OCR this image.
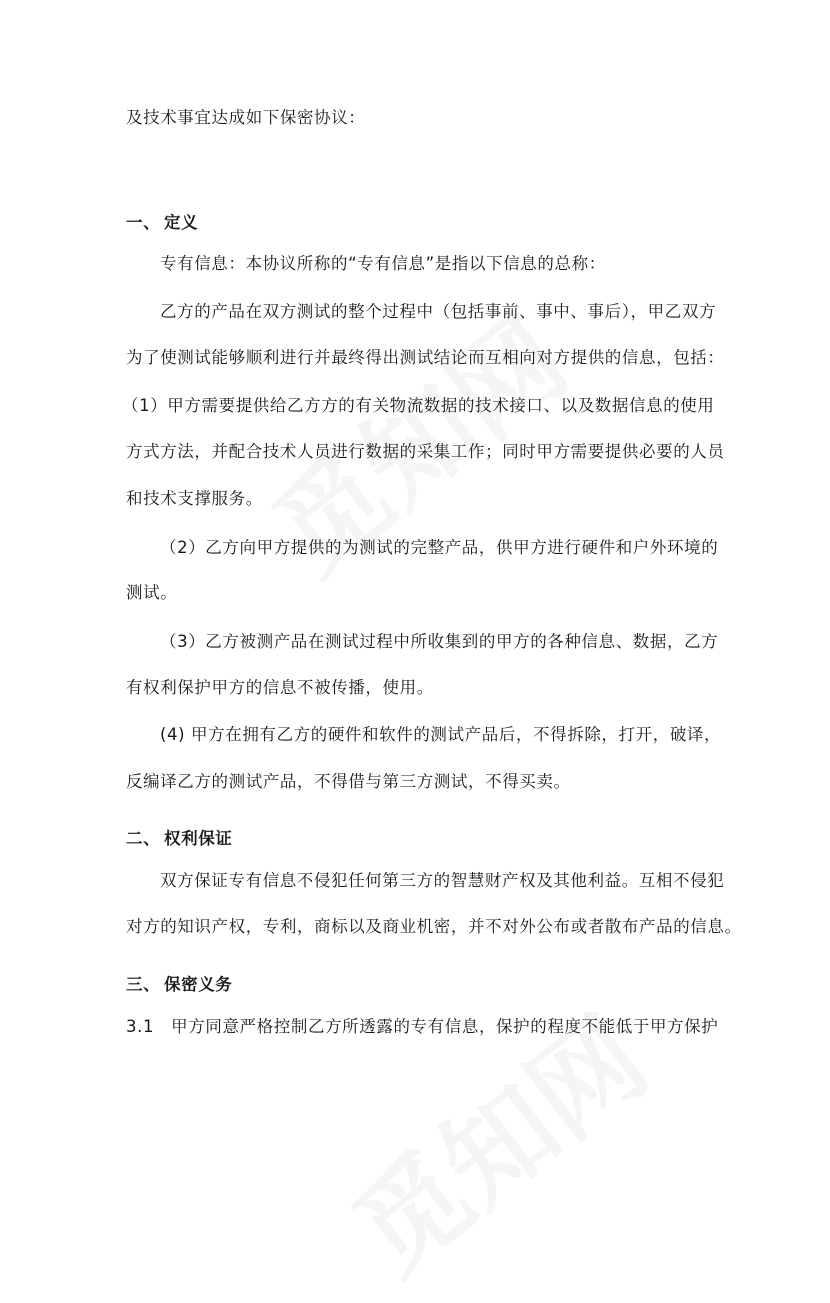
及技术事宜达成如下保密协议：
一、 定义
专有信息：本协议所称的“专有信息”是指以下信息的总称：
乙方的产品在双方测试的整个过程中（包括事前、事中、事后），甲乙双方
为了使测试能够顺利进行并最终得出测试结论而互相向对方提供的信息，包括：
（1）甲方需要提供给乙方方的有关物流数据的技术接口、以及数据信息的使用
方式方法，并配合技术人员进行数据的采集工作；同时甲方需要提供必要的人员
和技术支撑服务。
（2）乙方向甲方提供的为测试的完整产品，供甲方进行硬件和户外环境的
测试。
（3）乙方被测产品在测试过程中所收集到的甲方的各种信息、数据，乙方
有权利保护甲方的信息不被传播，使用。
(4) 甲方在拥有乙方的硬件和软件的测试产品后，不得拆除，打开，破译，
反编译乙方的测试产品，不得借与第三方测试，不得买卖。
二、 权利保证
双方保证专有信息不侵犯任何第三方的智慧财产权及其他利益。互相不侵犯
对方的知识产权，专利，商标以及商业机密，并不对外公布或者散布产品的信息。
三、 保密义务
3.1　甲方同意严格控制乙方所透露的专有信息，保护的程度不能低于甲方保护
